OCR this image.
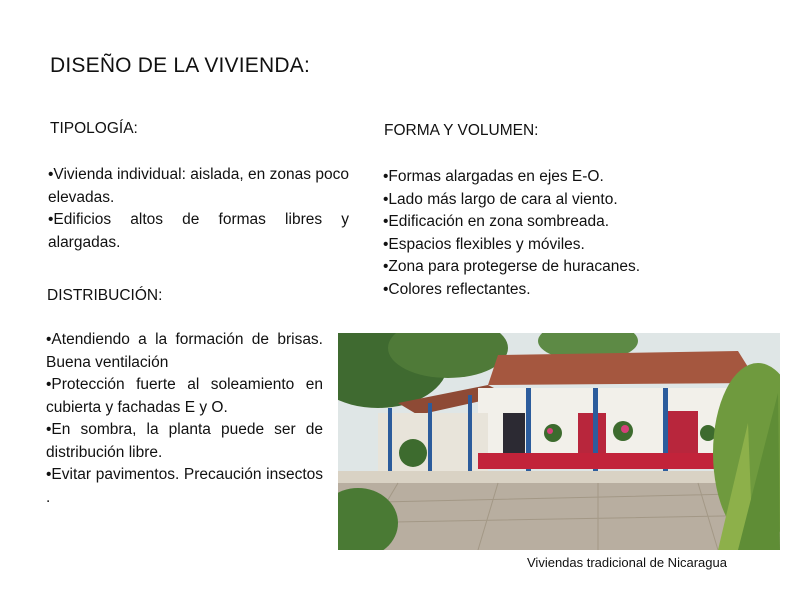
DISEÑO DE LA VIVIENDA:
TIPOLOGÍA:
•Vivienda individual: aislada, en zonas poco elevadas.
•Edificios altos de formas libres y alargadas.
FORMA Y VOLUMEN:
•Formas alargadas en ejes E-O.
•Lado más largo de cara al viento.
•Edificación en zona sombreada.
•Espacios flexibles y móviles.
•Zona para protegerse de huracanes.
•Colores reflectantes.
DISTRIBUCIÓN:
•Atendiendo a la formación de brisas. Buena ventilación
•Protección fuerte al soleamiento en cubierta y fachadas E y O.
•En sombra, la planta puede ser de distribución libre.
•Evitar pavimentos. Precaución insectos .
Viviendas tradicional de Nicaragua
